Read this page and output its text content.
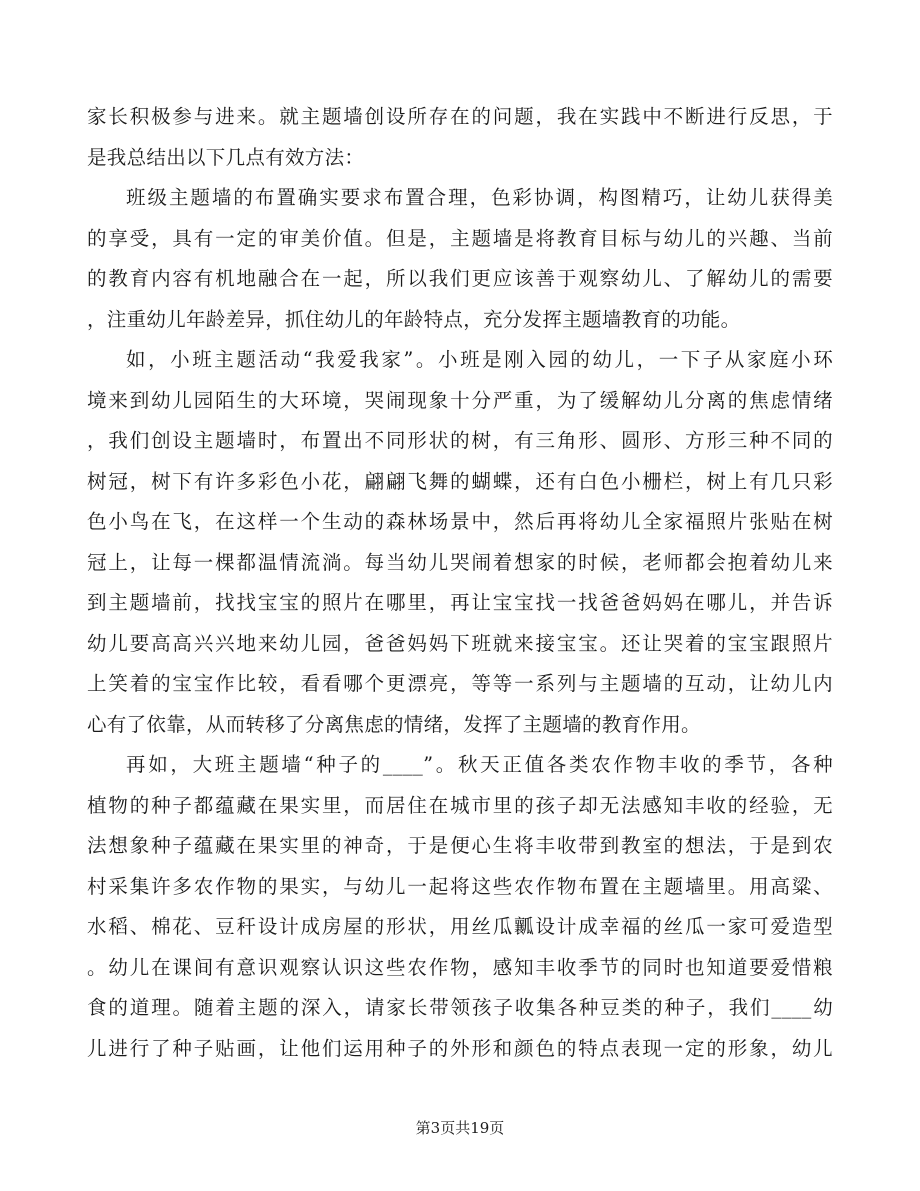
家长积极参与进来。就主题墙创设所存在的问题，我在实践中不断进行反思，于
是我总结出以下几点有效方法：
班级主题墙的布置确实要求布置合理，色彩协调，构图精巧，让幼儿获得美
的享受，具有一定的审美价值。但是，主题墙是将教育目标与幼儿的兴趣、当前
的教育内容有机地融合在一起，所以我们更应该善于观察幼儿、了解幼儿的需要
，注重幼儿年龄差异，抓住幼儿的年龄特点，充分发挥主题墙教育的功能。
如，小班主题活动“我爱我家”。小班是刚入园的幼儿，一下子从家庭小环
境来到幼儿园陌生的大环境，哭闹现象十分严重，为了缓解幼儿分离的焦虑情绪
，我们创设主题墙时，布置出不同形状的树，有三角形、圆形、方形三种不同的
树冠，树下有许多彩色小花，翩翩飞舞的蝴蝶，还有白色小栅栏，树上有几只彩
色小鸟在飞，在这样一个生动的森林场景中，然后再将幼儿全家福照片张贴在树
冠上，让每一棵都温情流淌。每当幼儿哭闹着想家的时候，老师都会抱着幼儿来
到主题墙前，找找宝宝的照片在哪里，再让宝宝找一找爸爸妈妈在哪儿，并告诉
幼儿要高高兴兴地来幼儿园，爸爸妈妈下班就来接宝宝。还让哭着的宝宝跟照片
上笑着的宝宝作比较，看看哪个更漂亮，等等一系列与主题墙的互动，让幼儿内
心有了依靠，从而转移了分离焦虑的情绪，发挥了主题墙的教育作用。
再如，大班主题墙“种子的____”。秋天正值各类农作物丰收的季节，各种
植物的种子都蕴藏在果实里，而居住在城市里的孩子却无法感知丰收的经验，无
法想象种子蕴藏在果实里的神奇，于是便心生将丰收带到教室的想法，于是到农
村采集许多农作物的果实，与幼儿一起将这些农作物布置在主题墙里。用高粱、
水稻、棉花、豆秆设计成房屋的形状，用丝瓜瓤设计成幸福的丝瓜一家可爱造型
。幼儿在课间有意识观察认识这些农作物，感知丰收季节的同时也知道要爱惜粮
食的道理。随着主题的深入，请家长带领孩子收集各种豆类的种子，我们____幼
儿进行了种子贴画，让他们运用种子的外形和颜色的特点表现一定的形象，幼儿
第3页共19页
